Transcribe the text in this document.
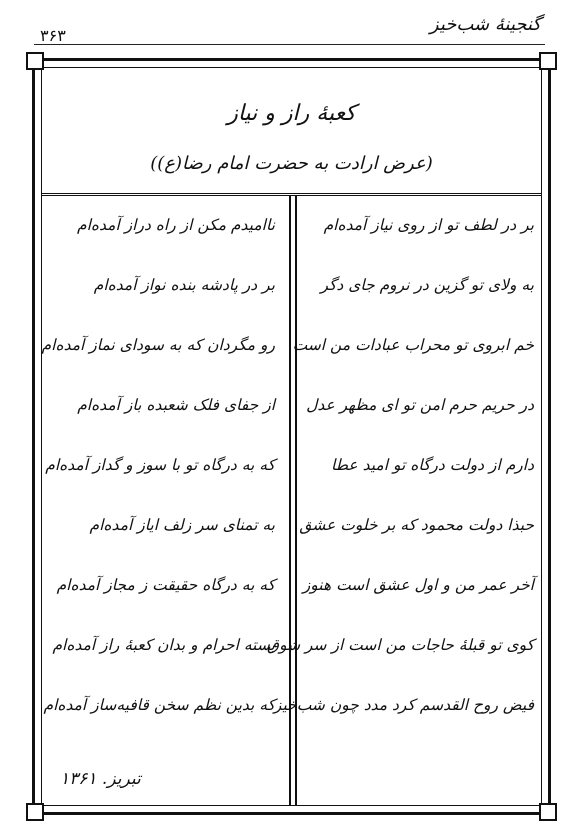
۳۶۳
گنجینهٔ شب‌خیز
کعبهٔ راز و نیاز
(عرض ارادت به حضرت امام رضا(ع))
بر در لطف تو از روی نیاز آمده‌ام
به ولای تو گزین در نروم جای دگر
خم ابروی تو محراب عبادات من است
در حریم حرم امن تو ای مظهر عدل
دارم از دولت درگاه تو امید عطا
حبذا دولت محمود که بر خلوت عشق
آخر عمر من و اول عشق است هنوز
کوی تو قبلهٔ حاجات من است از سر شوق
فیض روح القدسم کرد مدد چون شب‌خیز
ناامیدم مکن از راه دراز آمده‌ام
بر در پادشه بنده نواز آمده‌ام
رو مگردان که به سودای نماز آمده‌ام
از جفای فلک شعبده باز آمده‌ام
که به درگاه تو با سوز و گداز آمده‌ام
به تمنای سر زلف ایاز آمده‌ام
که به درگاه حقیقت ز مجاز آمده‌ام
بسته احرام و بدان کعبهٔ راز آمده‌ام
که بدین نظم سخن قافیه‌ساز آمده‌ام
تبریز. ۱۳۶۱
